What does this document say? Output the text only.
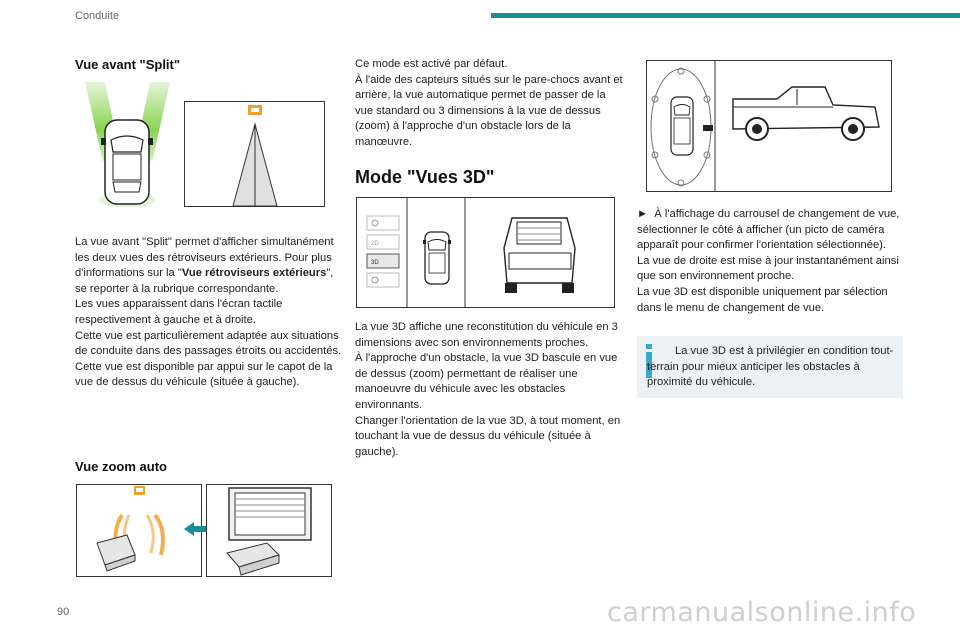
Conduite
Vue avant "Split"

La vue avant "Split" permet d'afficher simultanément les deux vues des rétroviseurs extérieurs. Pour plus d'informations sur la "Vue rétroviseurs extérieurs", se reporter à la rubrique correspondante.

Les vues apparaissent dans l'écran tactile respectivement à gauche et à droite.

Cette vue est particulièrement adaptée aux situations de conduite dans des passages étroits ou accidentés.

Cette vue est disponible par appui sur le capot de la vue de dessus du véhicule (située à gauche).

Vue zoom auto

Ce mode est activé par défaut.

À l'aide des capteurs situés sur le pare-chocs avant et arrière, la vue automatique permet de passer de la vue standard ou 3 dimensions à la vue de dessus (zoom) à l'approche d'un obstacle lors de la manœuvre.

Mode "Vues 3D"
2D
3D

La vue 3D affiche une reconstitution du véhicule en 3 dimensions avec son environnements proches.

À l'approche d'un obstacle, la vue 3D bascule en vue de dessus (zoom) permettant de réaliser une manoeuvre du véhicule avec les obstacles environnants.

Changer l'orientation de la vue 3D, à tout moment, en touchant la vue de dessus du véhicule (située à gauche).

► À l'affichage du carrousel de changement de vue, sélectionner le côté à afficher (un picto de caméra apparaît pour confirmer l'orientation sélectionnée).

La vue de droite est mise à jour instantanément ainsi que son environnement proche.

La vue 3D est disponible uniquement par sélection dans le menu de changement de vue.

La vue 3D est à privilégier en condition tout-terrain pour mieux anticiper les obstacles à proximité du véhicule.
90	carmanualsonline.info
